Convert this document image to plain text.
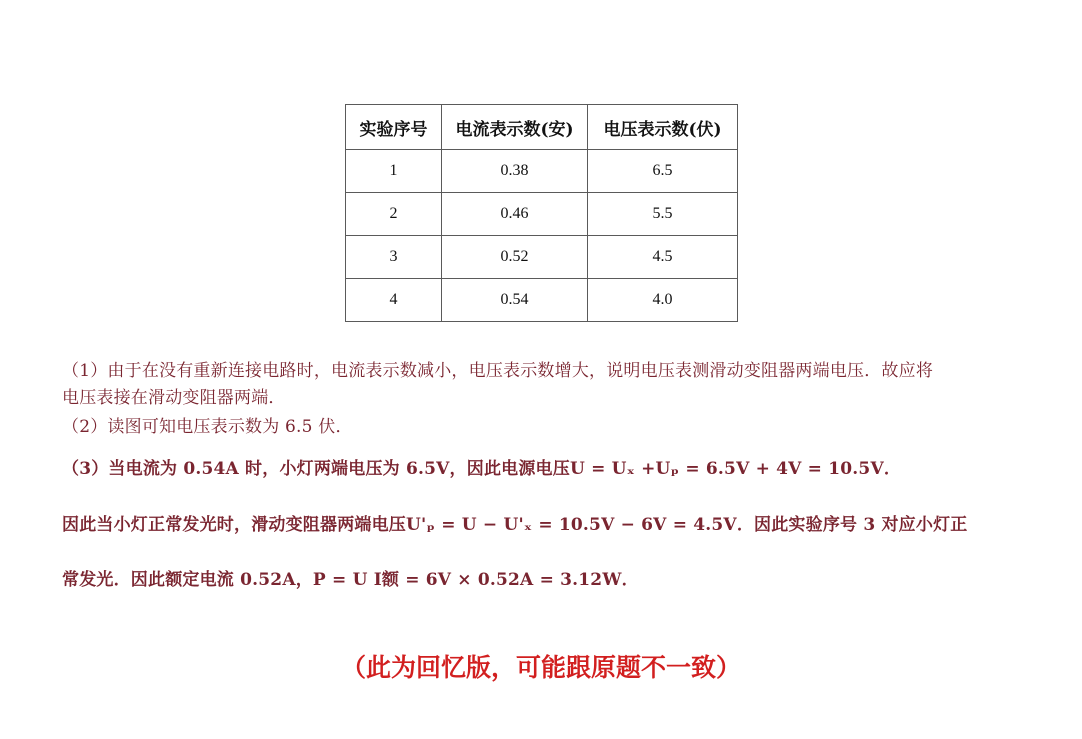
实验序号	电流表示数(安)	电压表示数(伏)
1	0.38	6.5
2	0.46	5.5
3	0.52	4.5
4	0.54	4.0
（1）由于在没有重新连接电路时，电流表示数减小，电压表示数增大，说明电压表测滑动变阻器两端电压．故应将
电压表接在滑动变阻器两端．
（2）读图可知电压表示数为 6.5 伏．
（3）当电流为 0.54A 时，小灯两端电压为 6.5V，因此电源电压U = Uₓ +Uₚ = 6.5V + 4V = 10.5V．
因此当小灯正常发光时，滑动变阻器两端电压U'ₚ = U − U'ₓ = 10.5V − 6V = 4.5V．因此实验序号 3 对应小灯正
常发光．因此额定电流 0.52A，P = U I额 = 6V × 0.52A = 3.12W．
（此为回忆版，可能跟原题不一致）
